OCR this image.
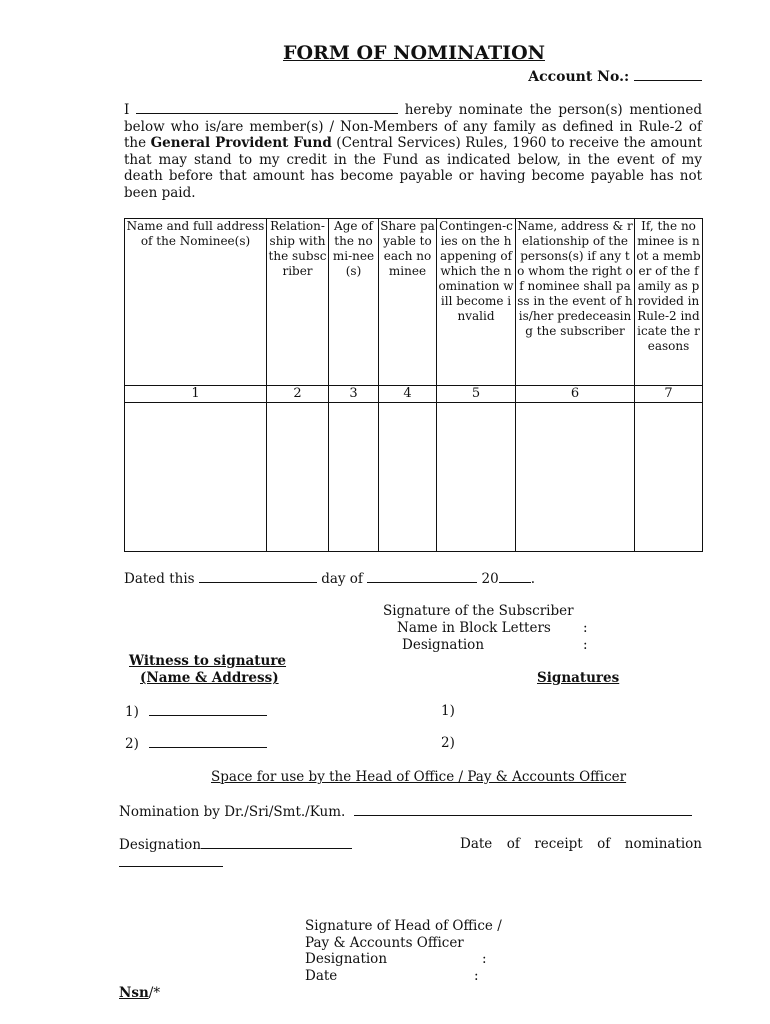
FORM OF NOMINATION
Account No.:
I	hereby nominate the person(s) mentioned below who is/are member(s) / Non-Members of any family as defined in Rule-2 of the General Provident Fund (Central Services) Rules, 1960 to receive the amount that may stand to my credit in the Fund as indicated below, in the event of my death before that amount has become payable or having become payable has not been paid.
Name and full address of the Nominee(s)	Relation-ship with the subscriber	Age of the nomi-nee(s)	Share payable to each nominee	Contingen-cies on the happening of which the nomination will become invalid	Name, address & relationship of the persons(s) if any to whom the right of nominee shall pass in the event of his/her predeceasing the subscriber	If, the nominee is not a member of the family as provided in Rule-2 indicate the reasons
1	2	3	4	5	6	7

Dated this	day of	20 .
Signature of the Subscriber
Name in Block Letters :
Designation	:
Witness to signature
(Name & Address)	Signatures
1)	1)
2)	2)
Space for use by the Head of Office / Pay & Accounts Officer
Nomination by Dr./Sri/Smt./Kum.
Designation	Date of receipt of nomination
Signature of Head of Office /
Pay & Accounts Officer
Designation	:
Date	:
Nsn/*
